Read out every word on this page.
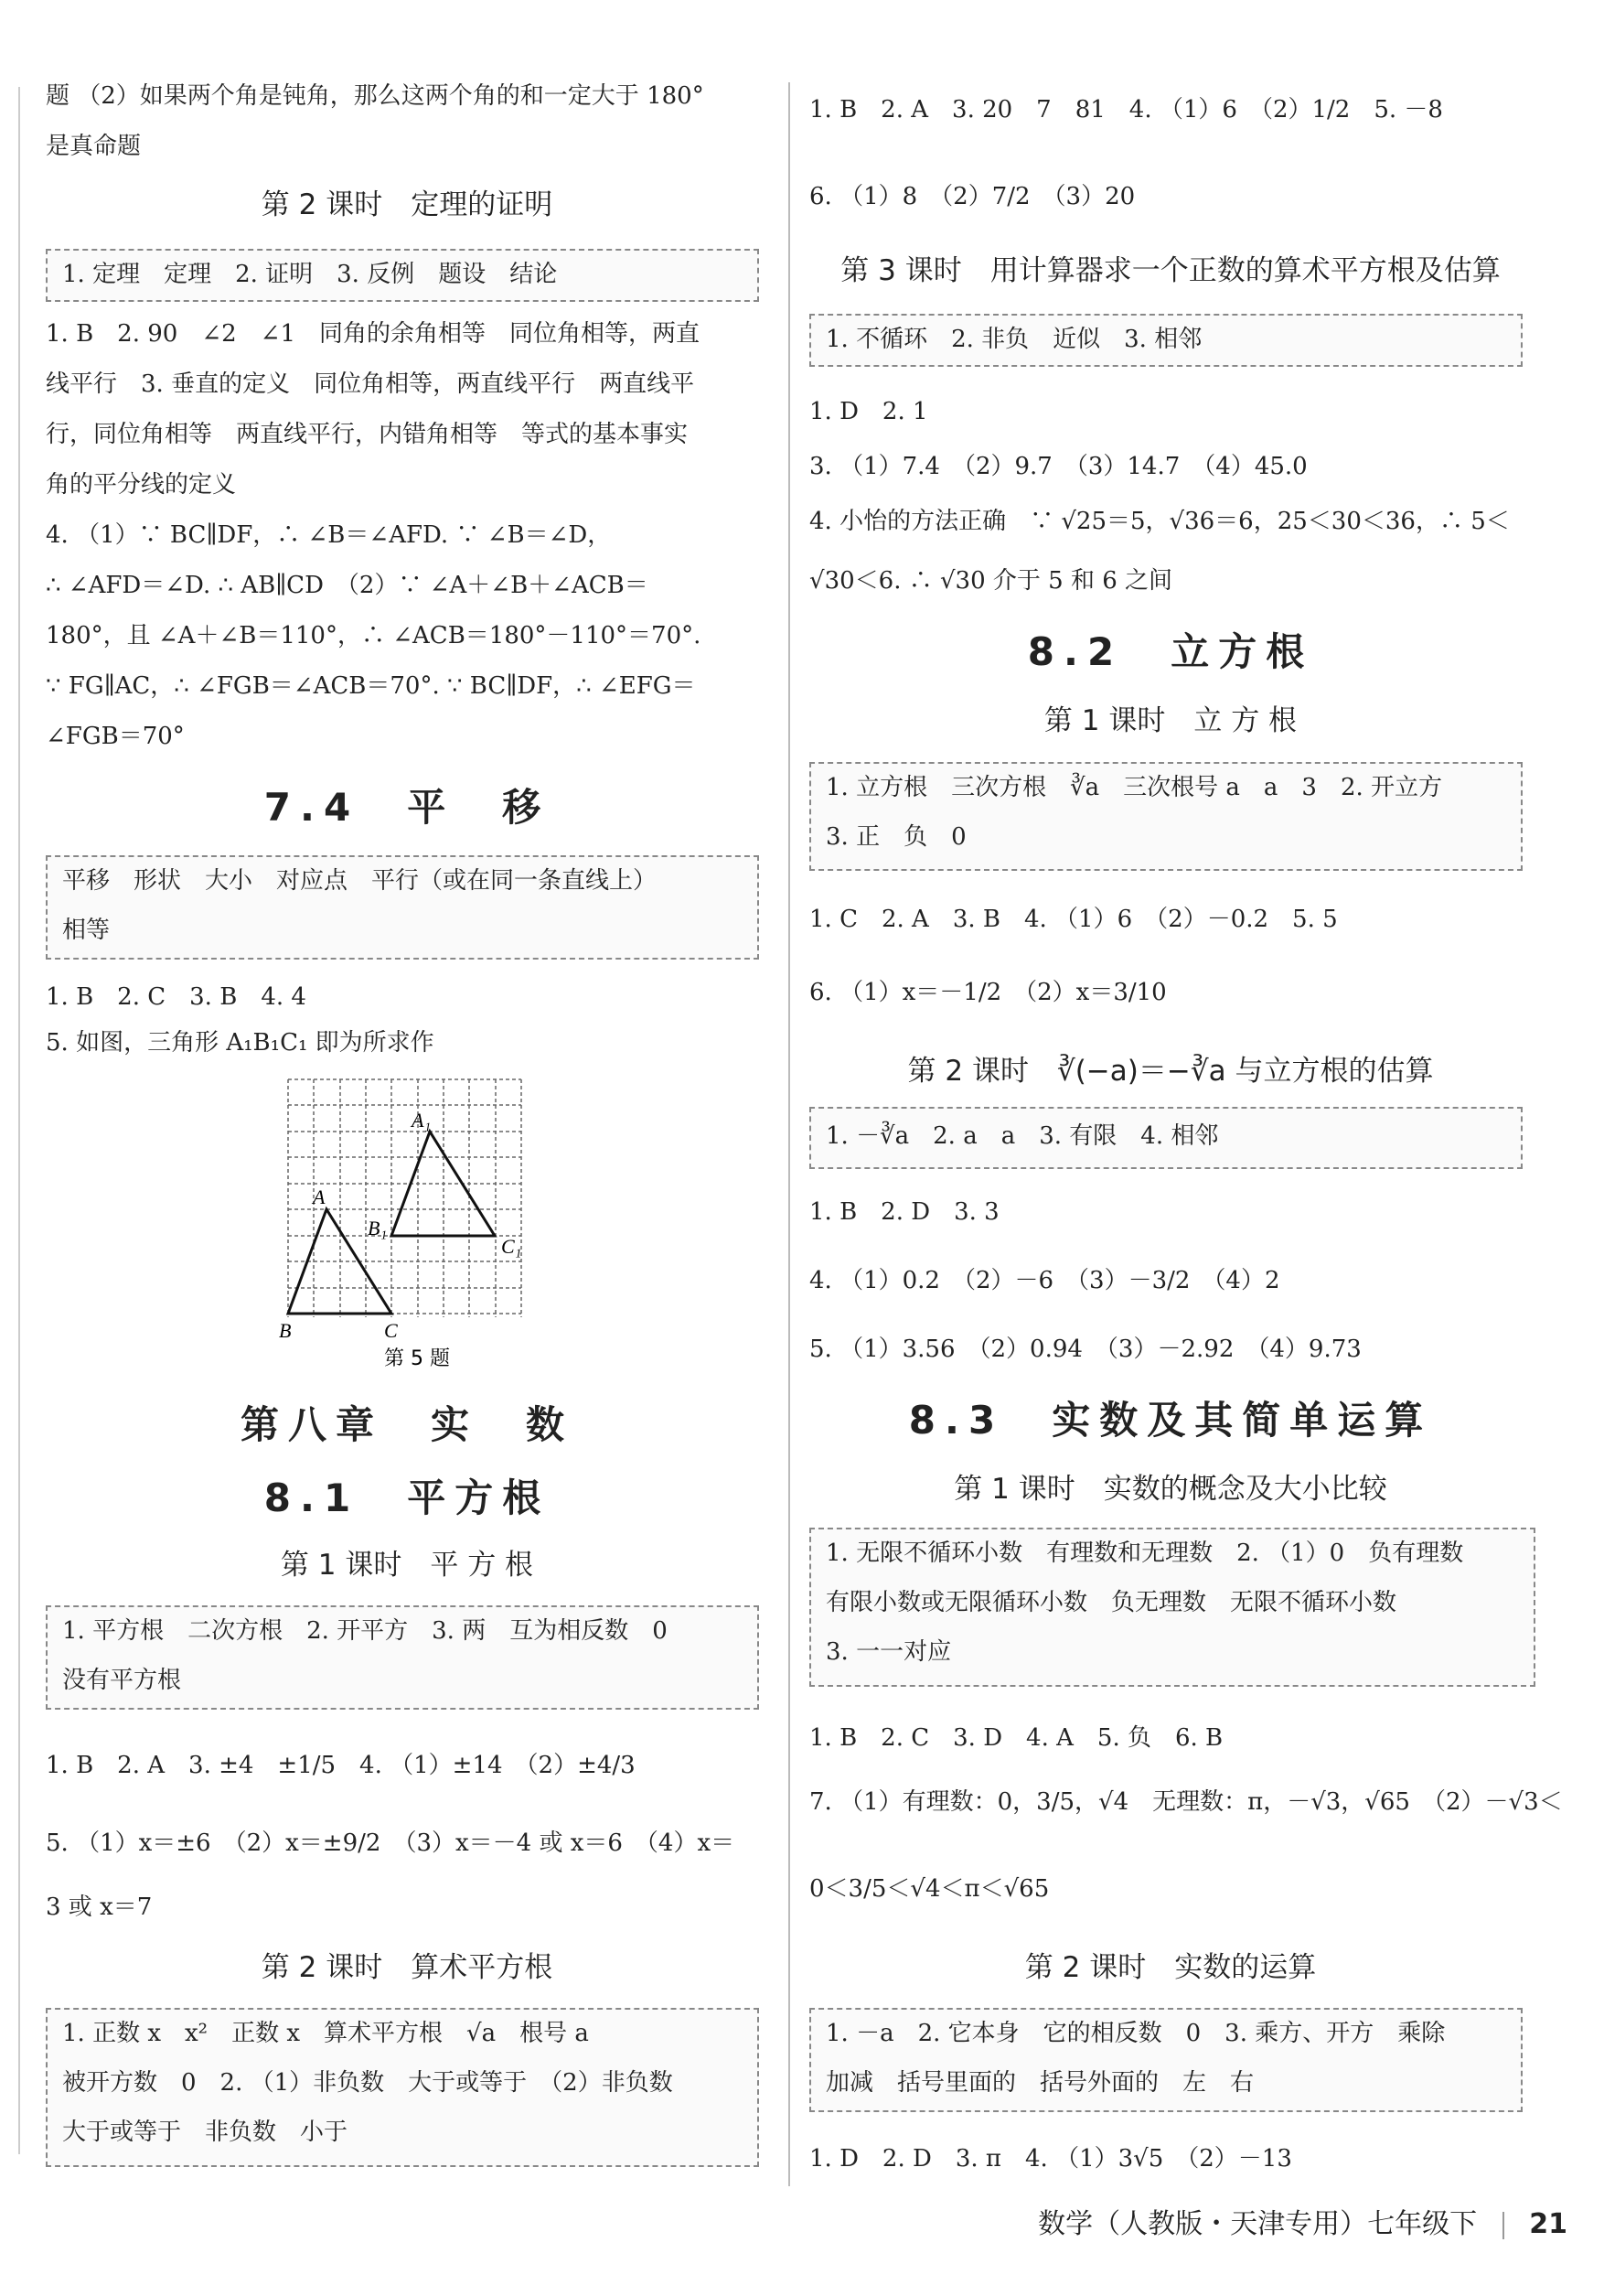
题 （2）如果两个角是钝角，那么这两个角的和一定大于 180°
是真命题
第 2 课时　定理的证明
1. 定理　定理　2. 证明　3. 反例　题设　结论
1. B　2. 90　∠2　∠1　同角的余角相等　同位角相等，两直
线平行　3. 垂直的定义　同位角相等，两直线平行　两直线平
行，同位角相等　两直线平行，内错角相等　等式的基本事实
角的平分线的定义
4. （1）∵ BC∥DF，∴ ∠B＝∠AFD. ∵ ∠B＝∠D，
∴ ∠AFD＝∠D. ∴ AB∥CD　（2）∵ ∠A＋∠B＋∠ACB＝
180°，且 ∠A＋∠B＝110°，∴ ∠ACB＝180°－110°＝70°.
∵ FG∥AC，∴ ∠FGB＝∠ACB＝70°. ∵ BC∥DF，∴ ∠EFG＝
∠FGB＝70°
7.4　平　移
平移　形状　大小　对应点　平行（或在同一条直线上）
相等
1. B　2. C　3. B　4. 4
5. 如图，三角形 A₁B₁C₁ 即为所求作
A
B	C
A₁
B₁
C₁
第 5 题
第八章　实　数
8.1　平方根
第 1 课时　平 方 根
1. 平方根　二次方根　2. 开平方　3. 两　互为相反数　0
没有平方根
1. B　2. A　3. ±4　±1/5　4. （1）±14　（2）±4/3
5. （1）x＝±6　（2）x＝±9/2　（3）x＝－4 或 x＝6　（4）x＝
3 或 x＝7
第 2 课时　算术平方根
1. 正数 x　x²　正数 x　算术平方根　√a　根号 a
被开方数　0　2. （1）非负数　大于或等于　（2）非负数
大于或等于　非负数　小于
1. B　2. A　3. 20　7　81　4. （1）6　（2）1/2　5. －8
6. （1）8　（2）7/2　（3）20
第 3 课时　用计算器求一个正数的算术平方根及估算
1. 不循环　2. 非负　近似　3. 相邻
1. D　2. 1
3. （1）7.4　（2）9.7　（3）14.7　（4）45.0
4. 小怡的方法正确　∵ √25＝5，√36＝6，25＜30＜36，∴ 5＜
√30＜6. ∴ √30 介于 5 和 6 之间
8.2　立方根
第 1 课时　立 方 根
1. 立方根　三次方根　∛a　三次根号 a　a　3　2. 开立方
3. 正　负　0
1. C　2. A　3. B　4. （1）6　（2）－0.2　5. 5
6. （1）x＝－1/2　（2）x＝3/10
第 2 课时　∛(−a)＝−∛a 与立方根的估算
1. －∛a　2. a　a　3. 有限　4. 相邻
1. B　2. D　3. 3
4. （1）0.2　（2）－6　（3）－3/2　（4）2
5. （1）3.56　（2）0.94　（3）－2.92　（4）9.73
8.3　实数及其简单运算
第 1 课时　实数的概念及大小比较
1. 无限不循环小数　有理数和无理数　2. （1）0　负有理数
有限小数或无限循环小数　负无理数　无限不循环小数
3. 一一对应
1. B　2. C　3. D　4. A　5. 负　6. B
7. （1）有理数：0，3/5，√4　无理数：π，－√3，√65　（2）－√3＜
0＜3/5＜√4＜π＜√65
第 2 课时　实数的运算
1. －a　2. 它本身　它的相反数　0　3. 乘方、开方　乘除
加减　括号里面的　括号外面的　左　右
1. D　2. D　3. π　4. （1）3√5　（2）－13
数学（人教版・天津专用）七年级下 21
